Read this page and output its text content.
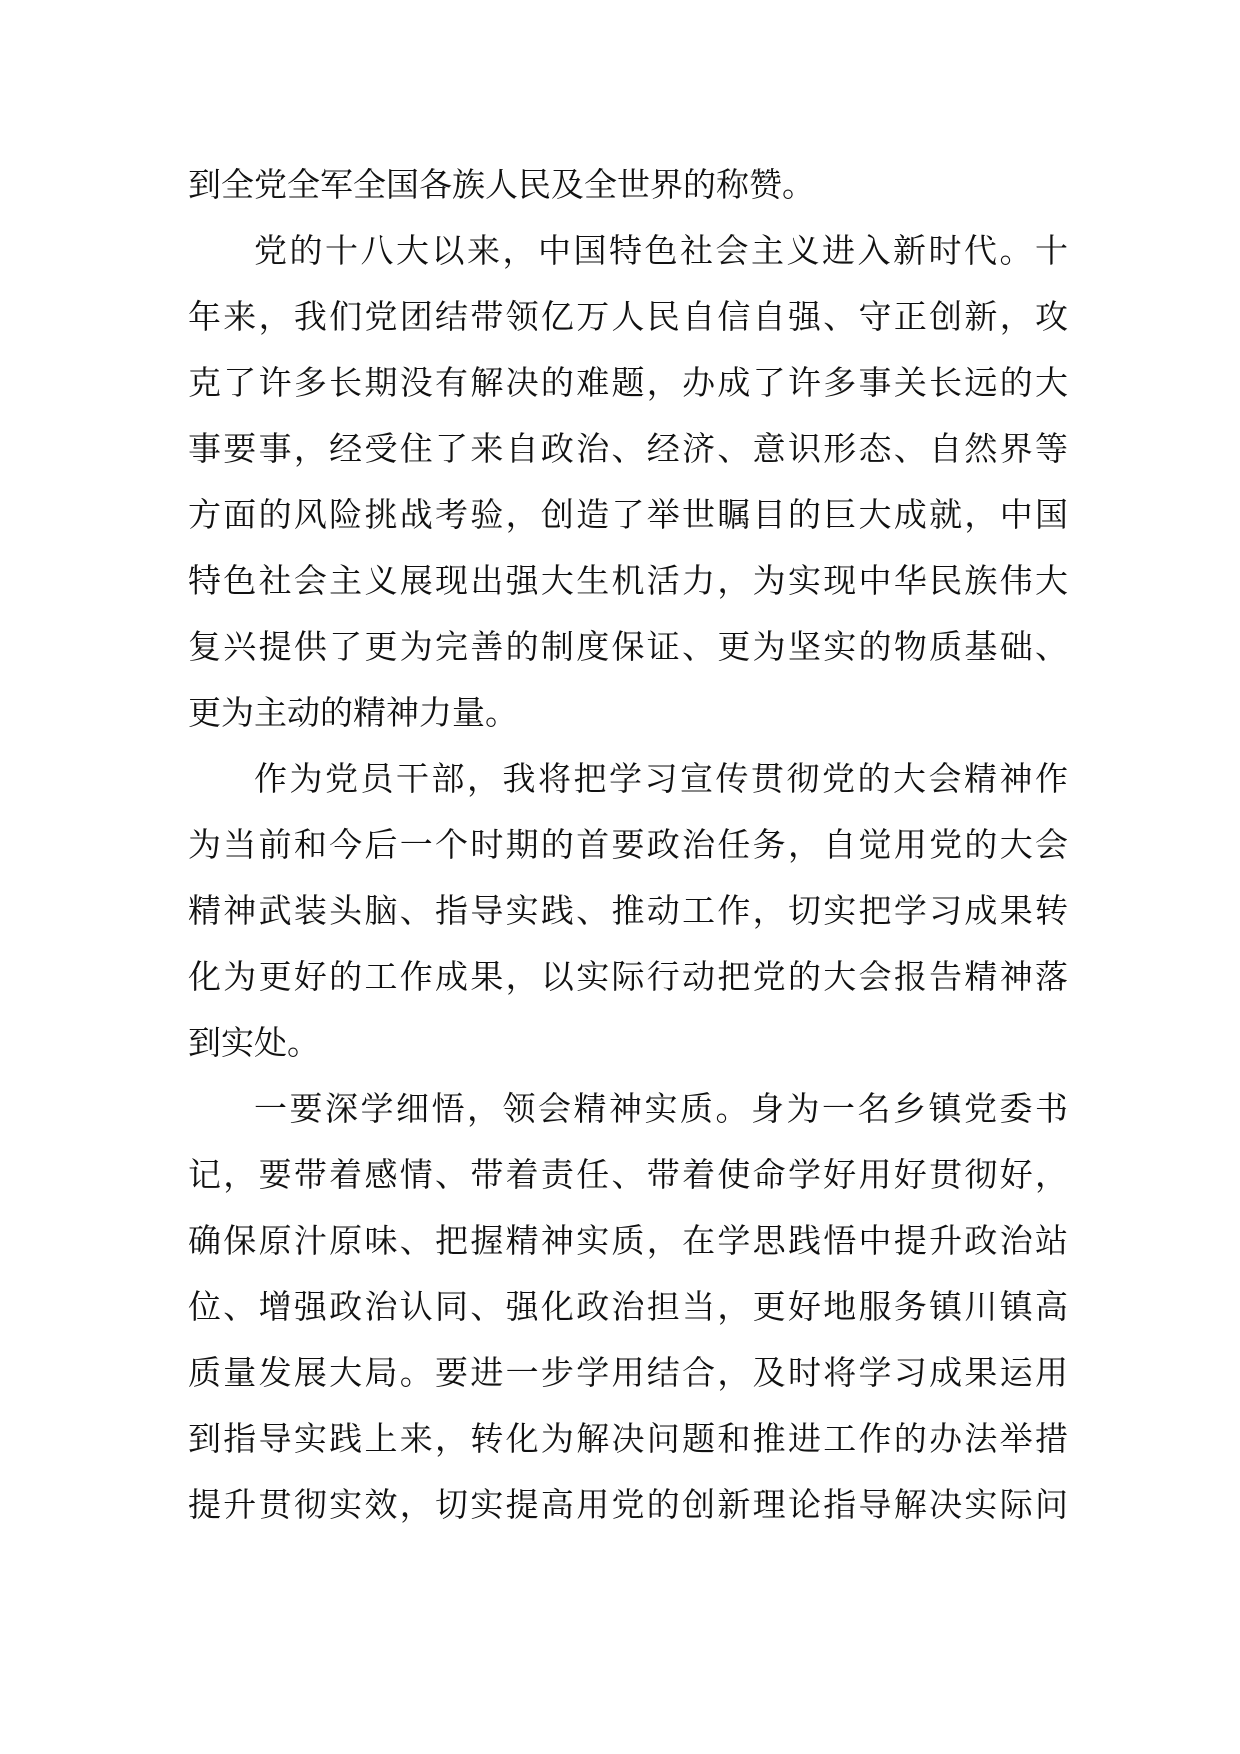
到全党全军全国各族人民及全世界的称赞。
党的十八大以来，中国特色社会主义进入新时代。十
年来，我们党团结带领亿万人民自信自强、守正创新，攻
克了许多长期没有解决的难题，办成了许多事关长远的大
事要事，经受住了来自政治、经济、意识形态、自然界等
方面的风险挑战考验，创造了举世瞩目的巨大成就，中国
特色社会主义展现出强大生机活力，为实现中华民族伟大
复兴提供了更为完善的制度保证、更为坚实的物质基础、
更为主动的精神力量。
作为党员干部，我将把学习宣传贯彻党的大会精神作
为当前和今后一个时期的首要政治任务，自觉用党的大会
精神武装头脑、指导实践、推动工作，切实把学习成果转
化为更好的工作成果，以实际行动把党的大会报告精神落
到实处。
一要深学细悟，领会精神实质。身为一名乡镇党委书
记，要带着感情、带着责任、带着使命学好用好贯彻好，
确保原汁原味、把握精神实质，在学思践悟中提升政治站
位、增强政治认同、强化政治担当，更好地服务镇川镇高
质量发展大局。要进一步学用结合，及时将学习成果运用
到指导实践上来，转化为解决问题和推进工作的办法举措
提升贯彻实效，切实提高用党的创新理论指导解决实际问
